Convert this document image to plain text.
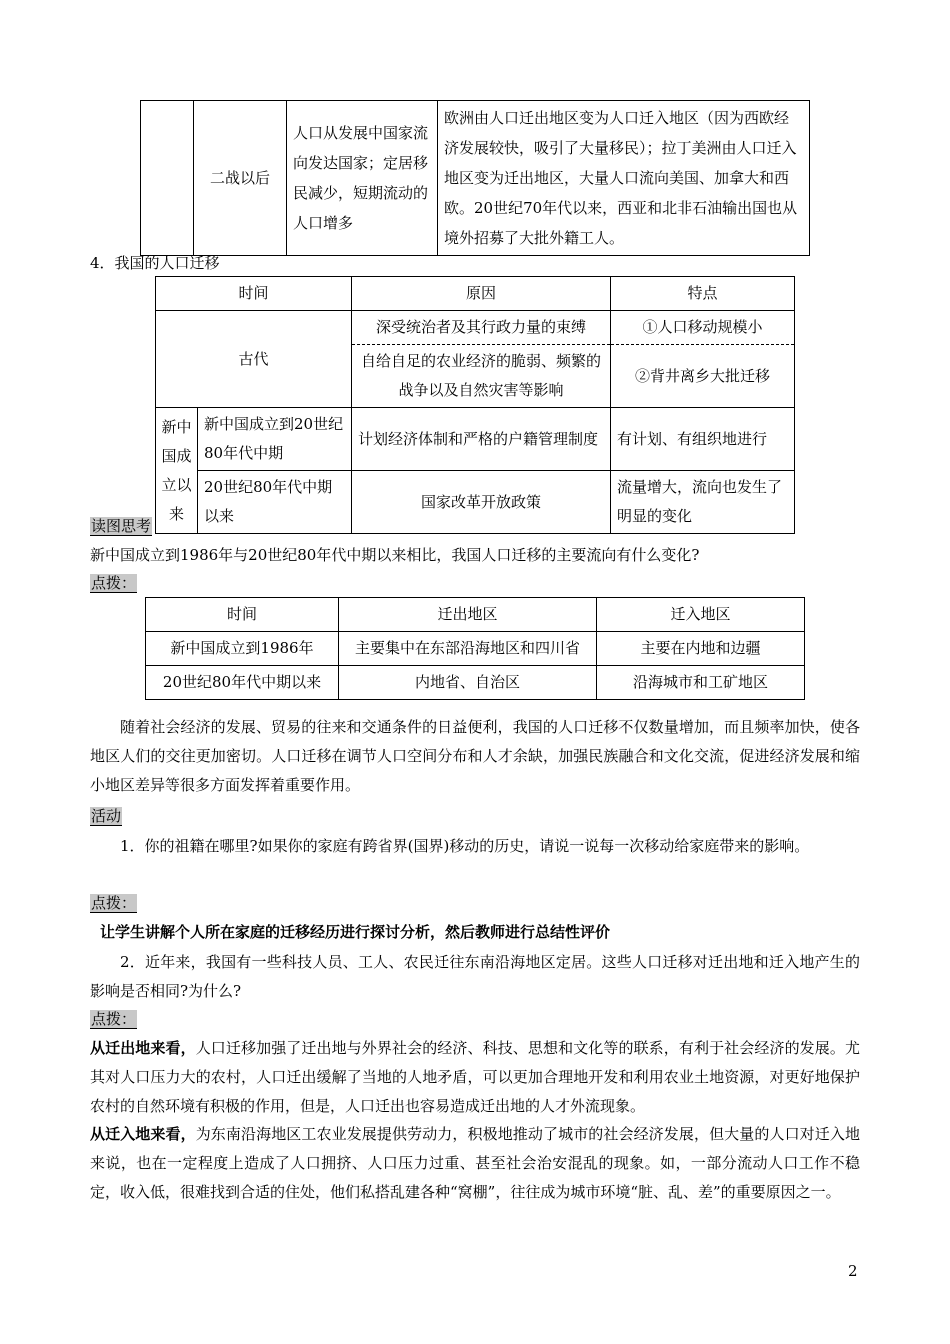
	二战以后	人口从发展中国家流向发达国家；定居移民减少，短期流动的人口增多	欧洲由人口迁出地区变为人口迁入地区（因为西欧经济发展较快，吸引了大量移民）；拉丁美洲由人口迁入地区变为迁出地区，大量人口流向美国、加拿大和西欧。20世纪70年代以来，西亚和北非石油输出国也从境外招募了大批外籍工人。
4．我国的人口迁移
时间		原因	特点
古代		深受统治者及其行政力量的束缚	①人口移动规模小
		自给自足的农业经济的脆弱、频繁的战争以及自然灾害等影响	②背井离乡大批迁移
新中国成立以来	新中国成立到20世纪80年代中期	计划经济体制和严格的户籍管理制度	有计划、有组织地进行
	20世纪80年代中期以来	国家改革开放政策	流量增大，流向也发生了明显的变化
读图思考
新中国成立到1986年与20世纪80年代中期以来相比，我国人口迁移的主要流向有什么变化?
点拨：
时间	迁出地区	迁入地区
新中国成立到1986年	主要集中在东部沿海地区和四川省	主要在内地和边疆
20世纪80年代中期以来	内地省、自治区	沿海城市和工矿地区
随着社会经济的发展、贸易的往来和交通条件的日益便利，我国的人口迁移不仅数量增加，而且频率加快，使各地区人们的交往更加密切。人口迁移在调节人口空间分布和人才余缺，加强民族融合和文化交流，促进经济发展和缩小地区差异等很多方面发挥着重要作用。
活动
1．你的祖籍在哪里?如果你的家庭有跨省界(国界)移动的历史，请说一说每一次移动给家庭带来的影响。
点拨：
让学生讲解个人所在家庭的迁移经历进行探讨分析，然后教师进行总结性评价
2．近年来，我国有一些科技人员、工人、农民迁往东南沿海地区定居。这些人口迁移对迁出地和迁入地产生的影响是否相同?为什么?
点拨：
从迁出地来看，人口迁移加强了迁出地与外界社会的经济、科技、思想和文化等的联系，有利于社会经济的发展。尤其对人口压力大的农村，人口迁出缓解了当地的人地矛盾，可以更加合理地开发和利用农业土地资源，对更好地保护农村的自然环境有积极的作用，但是，人口迁出也容易造成迁出地的人才外流现象。
从迁入地来看，为东南沿海地区工农业发展提供劳动力，积极地推动了城市的社会经济发展，但大量的人口对迁入地来说，也在一定程度上造成了人口拥挤、人口压力过重、甚至社会治安混乱的现象。如，一部分流动人口工作不稳定，收入低，很难找到合适的住处，他们私搭乱建各种“窝棚”，往往成为城市环境“脏、乱、差”的重要原因之一。
2
